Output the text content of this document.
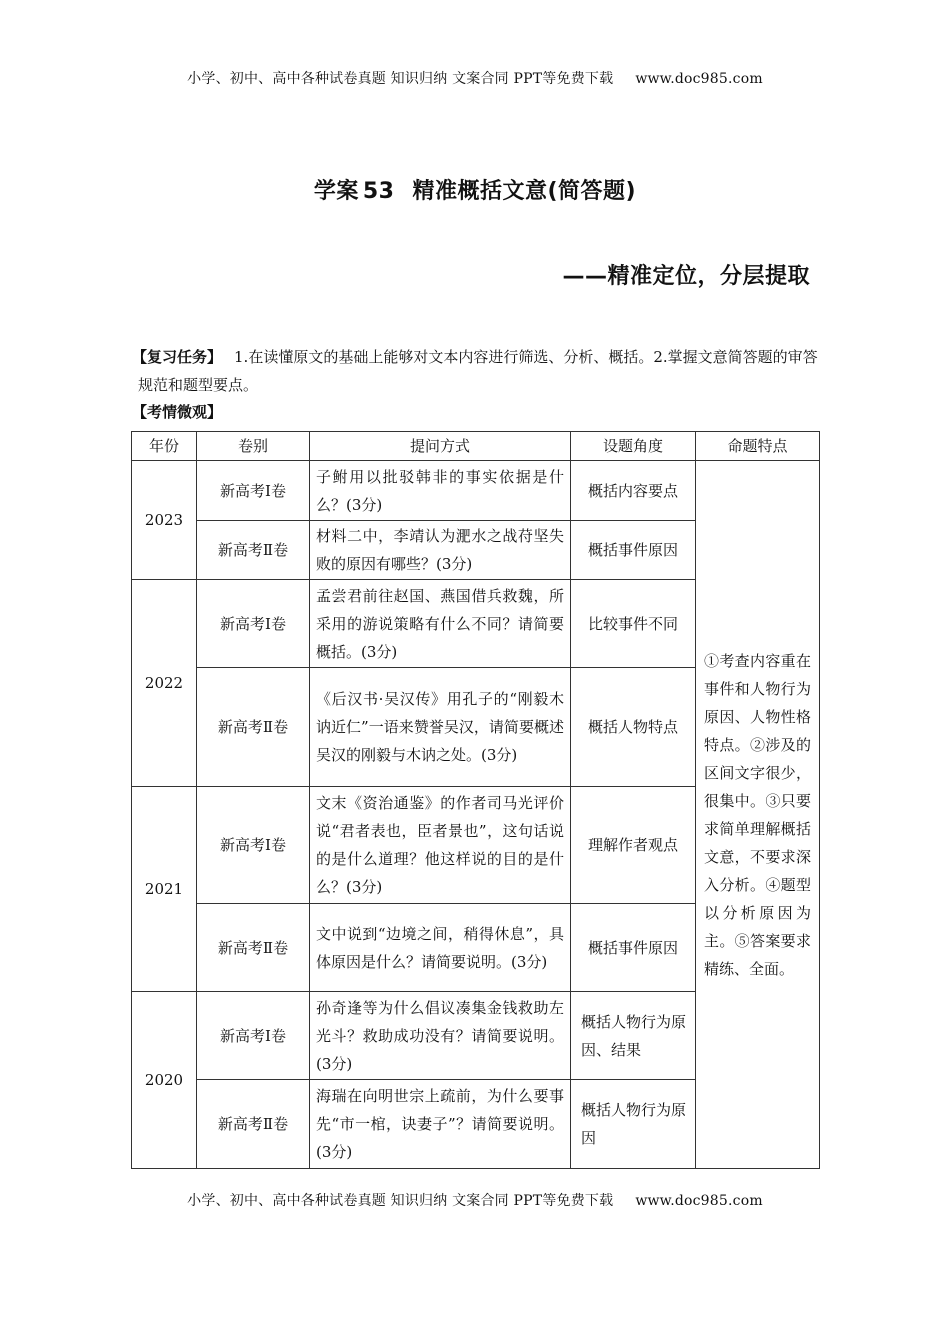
小学、初中、高中各种试卷真题 知识归纳 文案合同 PPT等免费下载 www.doc985.com
学案 53 精准概括文意(简答题)
——精准定位，分层提取
【复习任务】 1.在读懂原文的基础上能够对文本内容进行筛选、分析、概括。2.掌握文意简答题的审答规范和题型要点。
【考情微观】
年份	卷别	提问方式	设题角度	命题特点
2023	新高考Ⅰ卷	子鲋用以批驳韩非的事实依据是什么？(3分)	概括内容要点	①考查内容重在事件和人物行为原因、人物性格特点。②涉及的区间文字很少，很集中。③只要求简单理解概括文意，不要求深入分析。④题型以分析原因为主。⑤答案要求精练、全面。
	新高考Ⅱ卷	材料二中，李靖认为淝水之战苻坚失败的原因有哪些？(3分)	概括事件原因	
2022	新高考Ⅰ卷	孟尝君前往赵国、燕国借兵救魏，所采用的游说策略有什么不同？请简要概括。(3分)	比较事件不同	
	新高考Ⅱ卷	《后汉书·吴汉传》用孔子的“刚毅木讷近仁”一语来赞誉吴汉，请简要概述吴汉的刚毅与木讷之处。(3分)	概括人物特点	
2021	新高考Ⅰ卷	文末《资治通鉴》的作者司马光评价说“君者表也，臣者景也”，这句话说的是什么道理？他这样说的目的是什么？(3分)	理解作者观点	
	新高考Ⅱ卷	文中说到“边境之间，稍得休息”，具体原因是什么？请简要说明。(3分)	概括事件原因	
2020	新高考Ⅰ卷	孙奇逢等为什么倡议凑集金钱救助左光斗？救助成功没有？请简要说明。(3分)	概括人物行为原因、结果	
	新高考Ⅱ卷	海瑞在向明世宗上疏前，为什么要事先“市一棺，诀妻子”？请简要说明。(3分)	概括人物行为原因	
小学、初中、高中各种试卷真题 知识归纳 文案合同 PPT等免费下载 www.doc985.com
